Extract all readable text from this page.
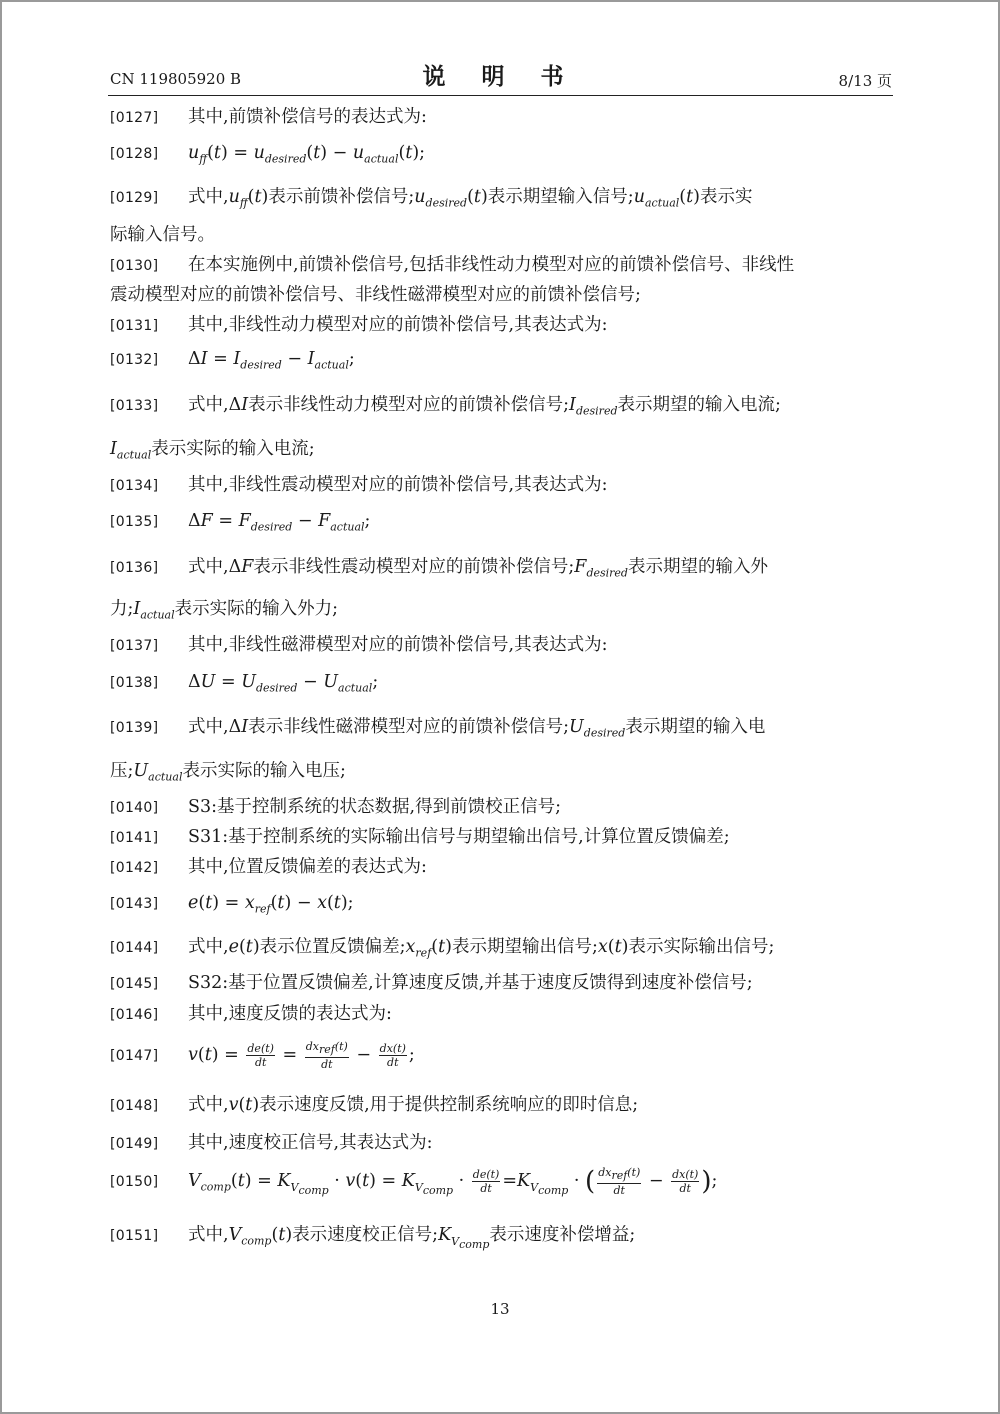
CN 119805920 B	说 明 书	8/13 页
[0127] 其中,前馈补偿信号的表达式为:
[0128] $u_{ff}(t) = u_{desired}(t) - u_{actual}(t)$;
[0129] 式中$,u_{ff}(t)$表示前馈补偿信号$;u_{desired}(t)$表示期望输入信号$;u_{actual}(t)$表示实
际输入信号。
[0130] 在本实施例中,前馈补偿信号,包括非线性动力模型对应的前馈补偿信号、非线性
震动模型对应的前馈补偿信号、非线性磁滞模型对应的前馈补偿信号;
[0131] 其中,非线性动力模型对应的前馈补偿信号,其表达式为:
[0132] $\Delta I = I_{desired} - I_{actual}$;
[0133] 式中,ΔI表示非线性动力模型对应的前馈补偿信号$;I_{desired}$表示期望的输入电流;
$I_{actual}$表示实际的输入电流;
[0134] 其中,非线性震动模型对应的前馈补偿信号,其表达式为:
[0135] $\Delta F = F_{desired} - F_{actual}$;
[0136] 式中,ΔF表示非线性震动模型对应的前馈补偿信号$;F_{desired}$表示期望的输入外
力$;I_{actual}$表示实际的输入外力;
[0137] 其中,非线性磁滞模型对应的前馈补偿信号,其表达式为:
[0138] $\Delta U = U_{desired} - U_{actual}$;
[0139] 式中,ΔI表示非线性磁滞模型对应的前馈补偿信号$;U_{desired}$表示期望的输入电
压$;U_{actual}$表示实际的输入电压;
[0140] S3:基于控制系统的状态数据,得到前馈校正信号;
[0141] S31:基于控制系统的实际输出信号与期望输出信号,计算位置反馈偏差;
[0142] 其中,位置反馈偏差的表达式为:
[0143] $e(t) = x_{ref}(t) - x(t)$;
[0144] 式中,e(t)表示位置反馈偏差$;x_{ref}(t)$表示期望输出信号;x(t)表示实际输出信号;
[0145] S32:基于位置反馈偏差,计算速度反馈,并基于速度反馈得到速度补偿信号;
[0146] 其中,速度反馈的表达式为:
[0147] $v(t) = \frac{de(t)}{dt} = \frac{dx_{ref}(t)}{dt} - \frac{dx(t)}{dt}$ ;
[0148] 式中,v(t)表示速度反馈,用于提供控制系统响应的即时信息;
[0149] 其中,速度校正信号,其表达式为:
[0150] $V_{comp}(t) = K_{V_{comp}} \cdot v(t) = K_{V_{comp}} \cdot \frac{de(t)}{dt} =K_{V_{comp}}$ · ( $\frac{dx_{ref}(t)}{dt} - \frac{dx(t)}{dt}$ );
[0151] 式中$,V_{comp}(t)$表示速度校正信号$;K_{V_{comp}}$表示速度补偿增益;
13
